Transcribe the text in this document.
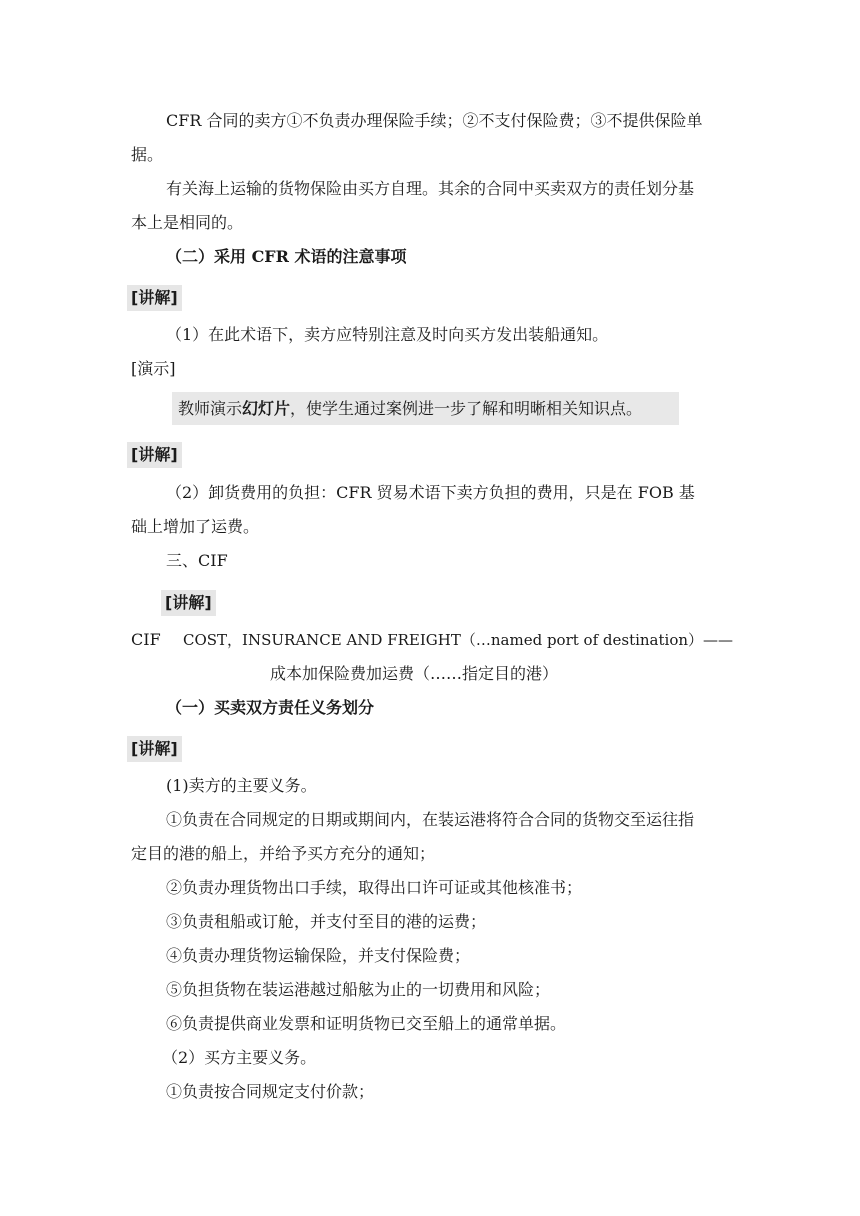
CFR 合同的卖方①不负责办理保险手续；②不支付保险费；③不提供保险单
据。
有关海上运输的货物保险由买方自理。其余的合同中买卖双方的责任划分基
本上是相同的。
（二）采用 CFR 术语的注意事项
[讲解]
（1）在此术语下，卖方应特别注意及时向买方发出装船通知。
[演示]
教师演示幻灯片，使学生通过案例进一步了解和明晰相关知识点。
[讲解]
（2）卸货费用的负担：CFR 贸易术语下卖方负担的费用，只是在 FOB 基
础上增加了运费。
三、CIF
[讲解]
CIF COST，INSURANCE AND FREIGHT（…named port of destination）——
成本加保险费加运费（……指定目的港）
（一）买卖双方责任义务划分
[讲解]
(1)卖方的主要义务。
①负责在合同规定的日期或期间内，在装运港将符合合同的货物交至运往指
定目的港的船上，并给予买方充分的通知；
②负责办理货物出口手续，取得出口许可证或其他核准书；
③负责租船或订舱，并支付至目的港的运费；
④负责办理货物运输保险，并支付保险费；
⑤负担货物在装运港越过船舷为止的一切费用和风险；
⑥负责提供商业发票和证明货物已交至船上的通常单据。
（2）买方主要义务。
①负责按合同规定支付价款；
